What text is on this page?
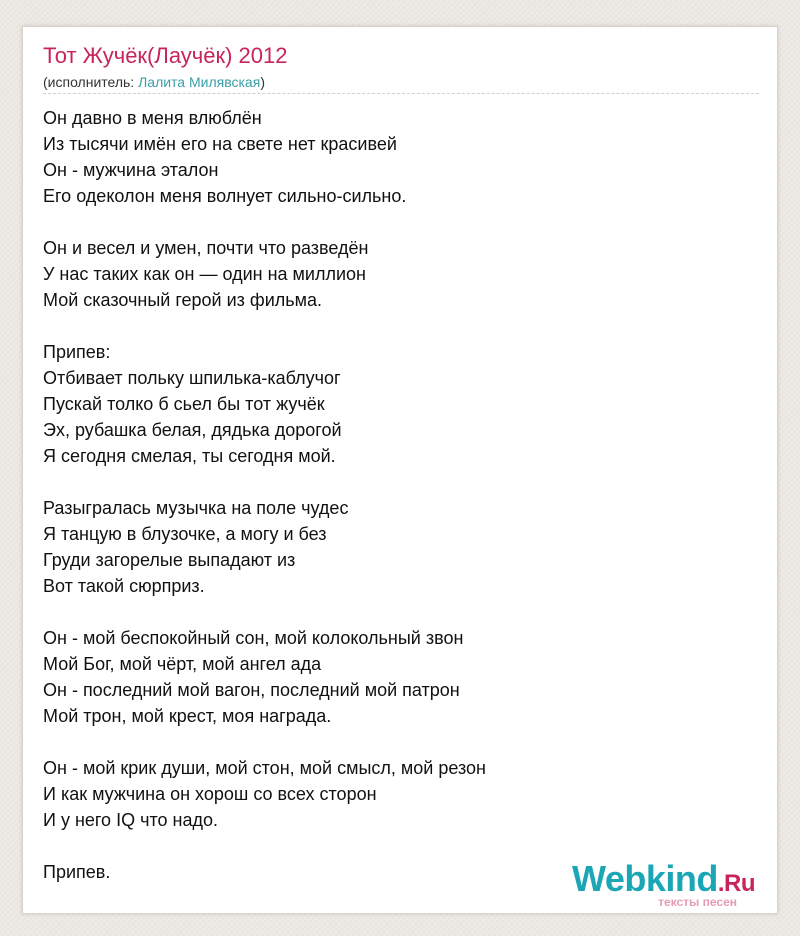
Тот Жучёк(Лаучёк) 2012
(исполнитель: Лалита Милявская)
Он давно в меня влюблён
Из тысячи имён его на свете нет красивей
Он - мужчина эталон
Его одеколон меня волнует сильно-сильно.
Он и весел и умен, почти что разведён
У нас таких как он — один на миллион
Мой сказочный герой из фильма.
Припев:
Отбивает польку шпилька-каблучог
Пускай толко б сьел бы тот жучёк
Эх, рубашка белая, дядька дорогой
Я сегодня смелая, ты сегодня мой.
Разыгралась музычка на поле чудес
Я танцую в блузочке, а могу и без
Груди загорелые выпадают из
Вот такой сюрприз.
Он - мой беспокойный сон, мой колокольный звон
Мой Бог, мой чёрт, мой ангел ада
Он - последний мой вагон, последний мой патрон
Мой трон, мой крест, моя награда.
Он - мой крик души, мой стон, мой смысл, мой резон
И как мужчина он хорош со всех сторон
И у него IQ что надо.
Припев.	Webkind.Ru
тексты песен
